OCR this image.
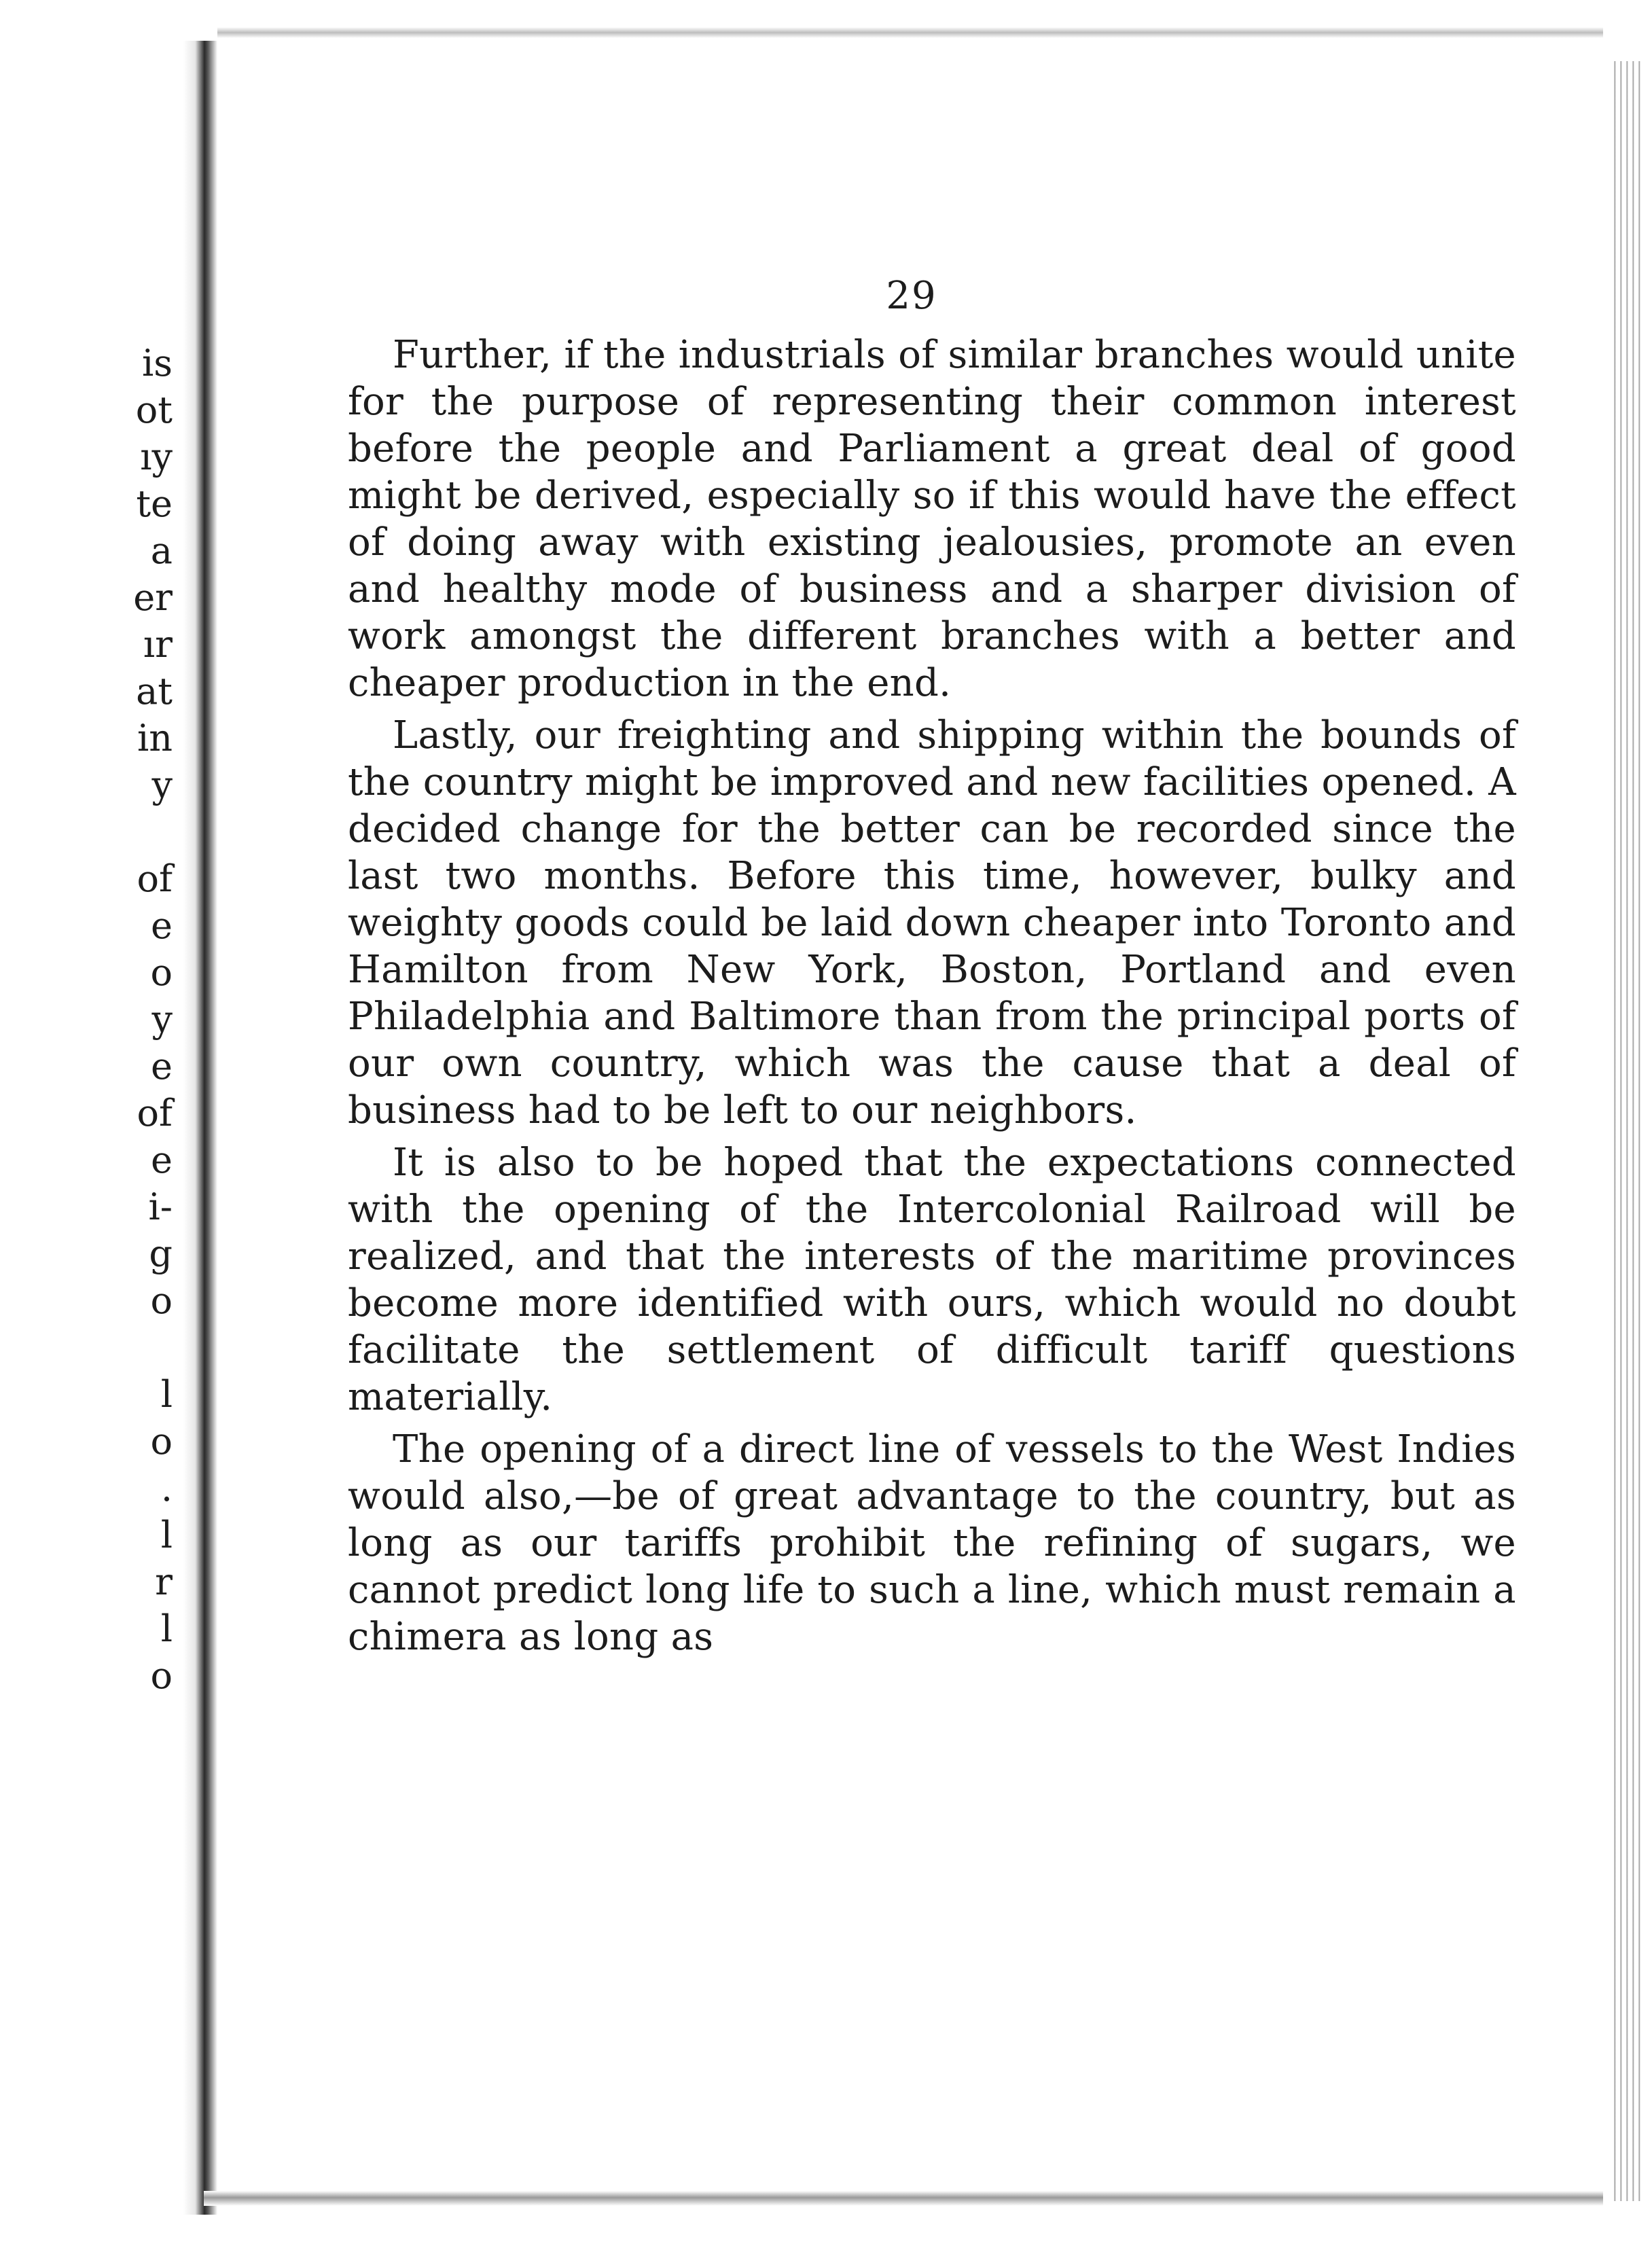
is
ot
ıy
te
a
er
ır
at
in
y
of
e
o
y
e
of
e
i-
g
o
l
o
.
l
r
l
o

29

Further, if the industrials of similar branches would unite for the purpose of representing their common interest before the people and Parliament a great deal of good might be derived, especially so if this would have the effect of doing away with existing jealousies, promote an even and healthy mode of business and a sharper division of work amongst the different branches with a better and cheaper production in the end.

Lastly, our freighting and shipping within the bounds of the country might be improved and new facilities opened. A decided change for the better can be recorded since the last two months. Before this time, however, bulky and weighty goods could be laid down cheaper into Toronto and Hamilton from New York, Boston, Portland and even Philadelphia and Baltimore than from the principal ports of our own country, which was the cause that a deal of business had to be left to our neighbors.

It is also to be hoped that the expectations connected with the opening of the Intercolonial Railroad will be realized, and that the interests of the maritime provinces become more identified with ours, which would no doubt facilitate the settlement of difficult tariff questions materially.

The opening of a direct line of vessels to the West Indies would also,—be of great advantage to the country, but as long as our tariffs prohibit the refining of sugars, we cannot predict long life to such a line, which must remain a chimera as long as
